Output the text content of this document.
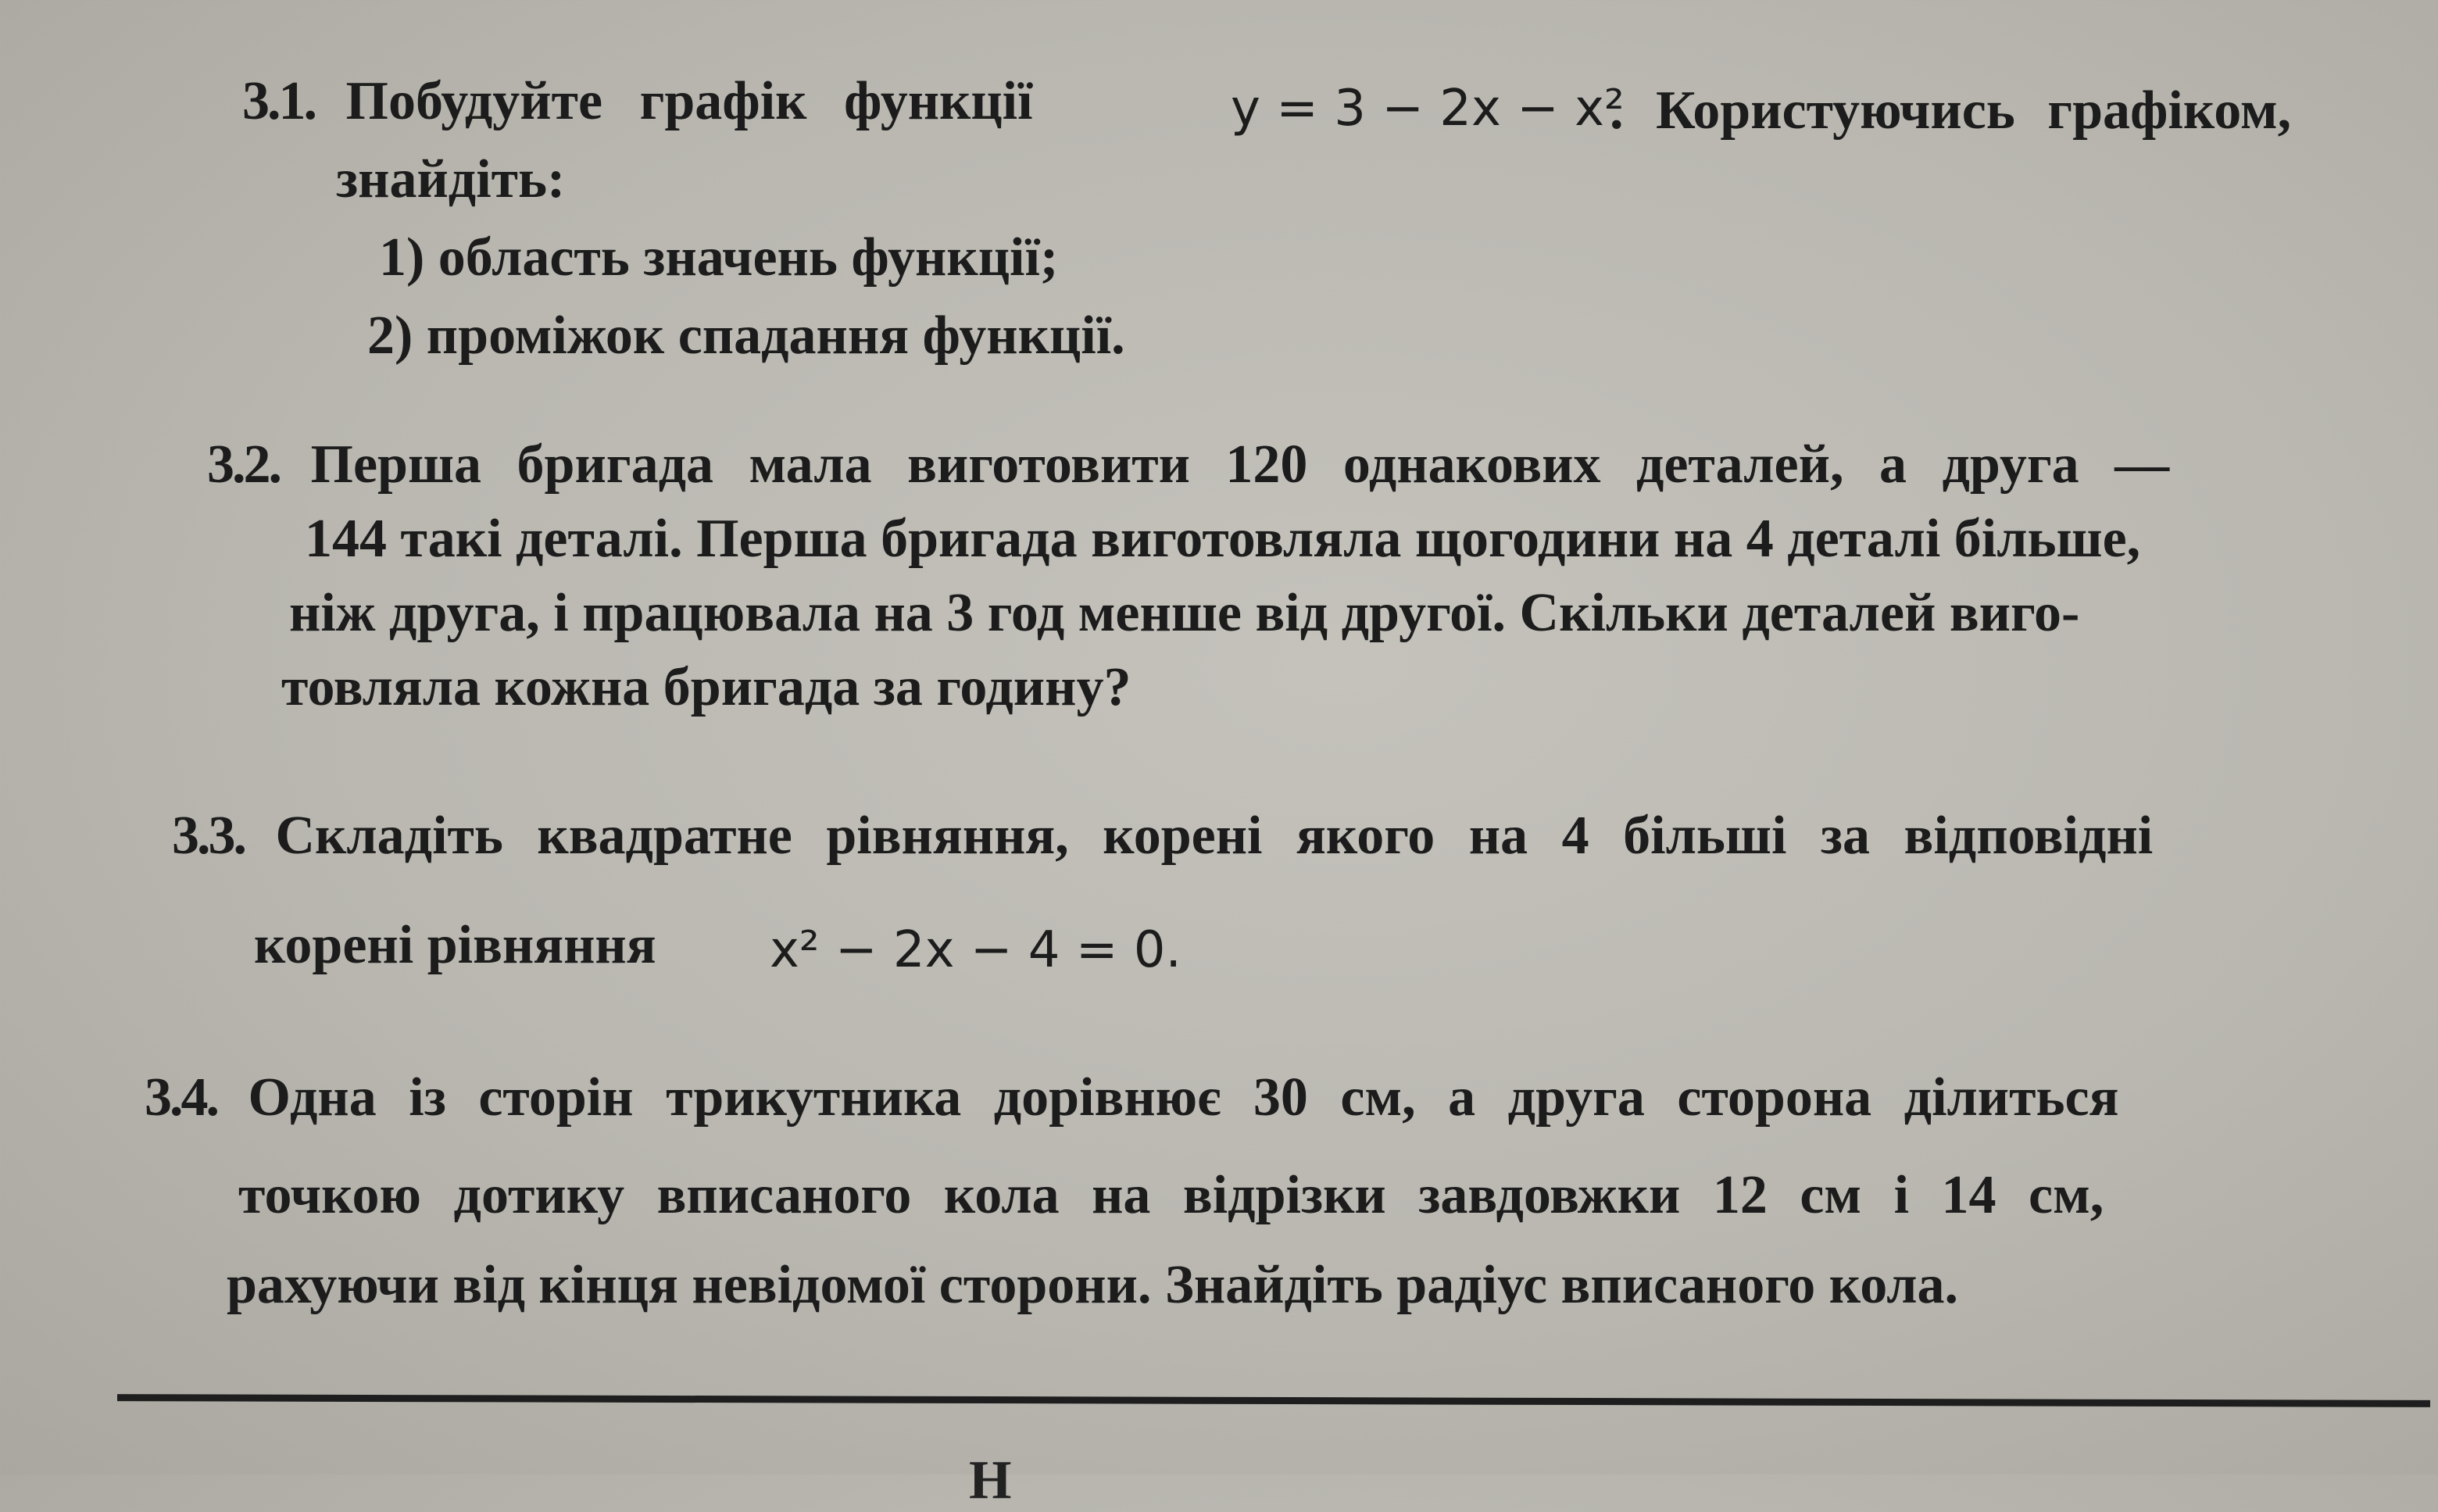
3.1. Побудуйте графік функції	y = 3 − 2x − x²
. Користуючись графіком,
знайдіть:
1) область значень функції;
2) проміжок спадання функції.
3.2. Перша бригада мала виготовити 120 однакових деталей, а друга —
144 такі деталі. Перша бригада виготовляла щогодини на 4 деталі більше,
ніж друга, і працювала на 3 год менше від другої. Скільки деталей виго-
товляла кожна бригада за годину?
3.3. Складіть квадратне рівняння, корені якого на 4 більші за відповідні
корені рівняння x² − 2x − 4 = 0.
3.4. Одна із сторін трикутника дорівнює 30 см, а друга сторона ділиться
точкою дотику вписаного кола на відрізки завдовжки 12 см і 14 см,
рахуючи від кінця невідомої сторони. Знайдіть радіус вписаного кола.
Н
